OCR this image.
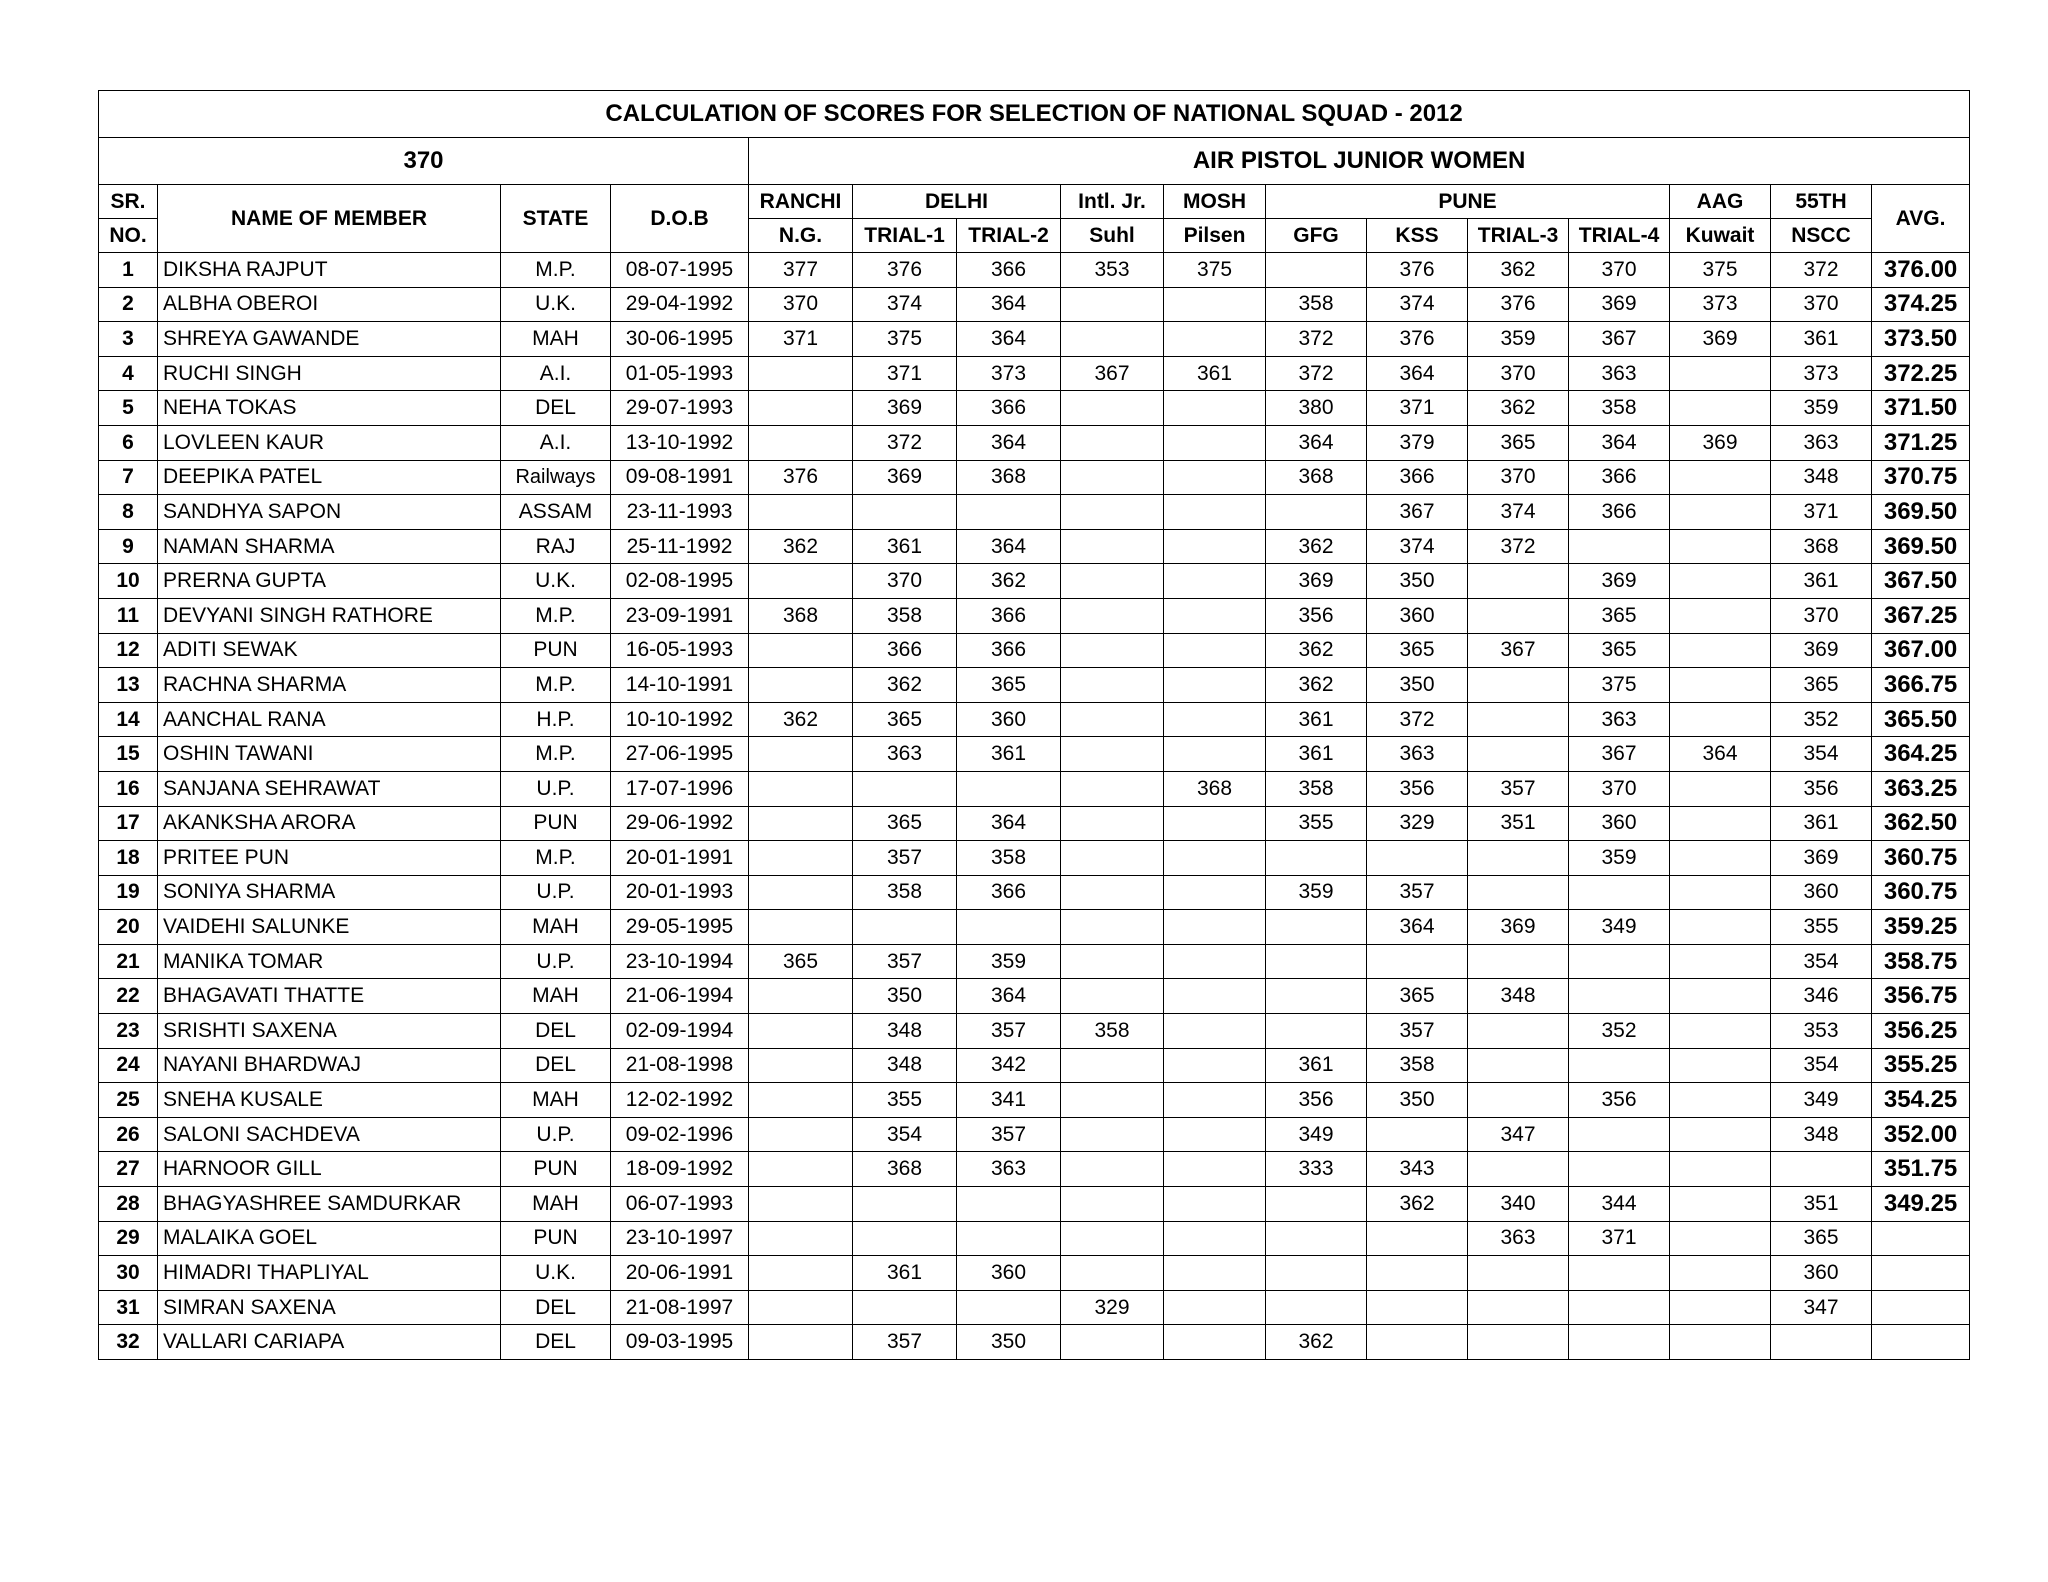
CALCULATION OF SCORES FOR SELECTION OF NATIONAL SQUAD - 2012															
370				AIR PISTOL JUNIOR WOMEN											
SR.	NAME OF MEMBER	STATE	D.O.B	RANCHI	DELHI		Intl. Jr.	MOSH	PUNE				AAG	55TH	AVG.
NO.				N.G.	TRIAL-1	TRIAL-2	Suhl	Pilsen	GFG	KSS	TRIAL-3	TRIAL-4	Kuwait	NSCC	
1	DIKSHA RAJPUT	M.P.	08-07-1995	377	376	366	353	375		376	362	370	375	372	376.00
2	ALBHA OBEROI	U.K.	29-04-1992	370	374	364			358	374	376	369	373	370	374.25
3	SHREYA GAWANDE	MAH	30-06-1995	371	375	364			372	376	359	367	369	361	373.50
4	RUCHI SINGH	A.I.	01-05-1993		371	373	367	361	372	364	370	363		373	372.25
5	NEHA TOKAS	DEL	29-07-1993		369	366			380	371	362	358		359	371.50
6	LOVLEEN KAUR	A.I.	13-10-1992		372	364			364	379	365	364	369	363	371.25
7	DEEPIKA PATEL	Railways	09-08-1991	376	369	368			368	366	370	366		348	370.75
8	SANDHYA SAPON	ASSAM	23-11-1993							367	374	366		371	369.50
9	NAMAN SHARMA	RAJ	25-11-1992	362	361	364			362	374	372			368	369.50
10	PRERNA GUPTA	U.K.	02-08-1995		370	362			369	350		369		361	367.50
11	DEVYANI SINGH RATHORE	M.P.	23-09-1991	368	358	366			356	360		365		370	367.25
12	ADITI SEWAK	PUN	16-05-1993		366	366			362	365	367	365		369	367.00
13	RACHNA SHARMA	M.P.	14-10-1991		362	365			362	350		375		365	366.75
14	AANCHAL RANA	H.P.	10-10-1992	362	365	360			361	372		363		352	365.50
15	OSHIN TAWANI	M.P.	27-06-1995		363	361			361	363		367	364	354	364.25
16	SANJANA SEHRAWAT	U.P.	17-07-1996					368	358	356	357	370		356	363.25
17	AKANKSHA ARORA	PUN	29-06-1992		365	364			355	329	351	360		361	362.50
18	PRITEE PUN	M.P.	20-01-1991		357	358						359		369	360.75
19	SONIYA SHARMA	U.P.	20-01-1993		358	366			359	357				360	360.75
20	VAIDEHI SALUNKE	MAH	29-05-1995							364	369	349		355	359.25
21	MANIKA TOMAR	U.P.	23-10-1994	365	357	359								354	358.75
22	BHAGAVATI THATTE	MAH	21-06-1994		350	364				365	348			346	356.75
23	SRISHTI SAXENA	DEL	02-09-1994		348	357	358			357		352		353	356.25
24	NAYANI BHARDWAJ	DEL	21-08-1998		348	342			361	358				354	355.25
25	SNEHA KUSALE	MAH	12-02-1992		355	341			356	350		356		349	354.25
26	SALONI SACHDEVA	U.P.	09-02-1996		354	357			349		347			348	352.00
27	HARNOOR GILL	PUN	18-09-1992		368	363			333	343					351.75
28	BHAGYASHREE SAMDURKAR	MAH	06-07-1993							362	340	344		351	349.25
29	MALAIKA GOEL	PUN	23-10-1997								363	371		365	
30	HIMADRI THAPLIYAL	U.K.	20-06-1991		361	360								360	
31	SIMRAN SAXENA	DEL	21-08-1997				329							347	
32	VALLARI CARIAPA	DEL	09-03-1995		357	350			362						
